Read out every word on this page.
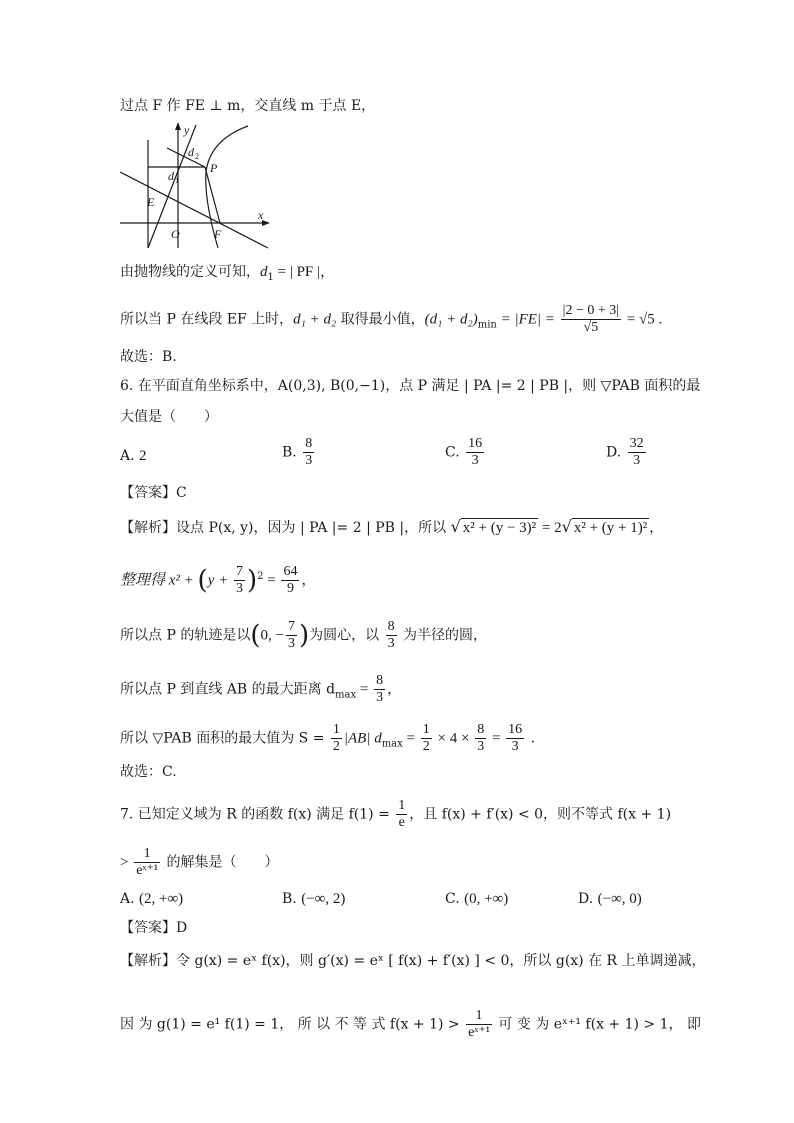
过点 F 作 FE ⊥ m，交直线 m 于点 E，
y
x
d 2
d 1
P
E
O	F
由抛物线的定义可知，$d_1$ = | PF |，
所以当 P 在线段 EF 上时，d₁ + d₂ 取得最小值，$(d_1 + d_2)_{min} = |FE| = \frac{|2 - 0 + 3|}{√5} = √5$ .
故选：B.
6. 在平面直角坐标系中，A(0,3), B(0,−1)，点 P 满足 | PA |= 2 | PB |，则 ▽PAB 面积的最
大值是（　　）
A. 2	B. $\frac{8}{3}$	C. $\frac{16}{3}$	D. $\frac{32}{3}$
【答案】C
【解析】设点 P(x, y)，因为 | PA |= 2 | PB |，所以 √ x² + (y − 3)² = 2√ x² + (y + 1)² ，
整理得 $x^2 + (y + \frac{7}{3} )^2 = \frac{64}{9}$ ，
所以点 P 的轨迹是以(0, − $\frac{7}{3}$ )为圆心，以 $\frac{8}{3}$ 为半径的圆，
所以点 P 到直线 AB 的最大距离 $d_{max} = \frac{8}{3}$ ，
所以 ▽PAB 面积的最大值为 $S = \frac{1}{2} |AB|$ $d_{max} = \frac{1}{2} \times 4 \times \frac{8}{3} = \frac{16}{3}$ .
故选：C.
7. 已知定义域为 R 的函数 f(x) 满足 $f(1) = \frac{1}{e}$ ，且 f(x) + f′(x) < 0，则不等式 f(x + 1)
> $\frac{1}{\text{eˣ⁺¹}}$ 的解集是（　　）
A. (2, +∞)	B. (−∞, 2)	C. (0, +∞)	D. (−∞, 0)
【答案】D
【解析】令 g(x) = eˣ f(x)，则 g′(x) = eˣ [ f(x) + f′(x) ] < 0，所以 g(x) 在 R 上单调递减，
因 为 g(1) = e¹ f(1) = 1， 所 以 不 等 式 $f(x + 1) > \frac{1}{\text{eˣ⁺¹}}$ 可 变 为 eˣ⁺¹ f(x + 1) > 1， 即
